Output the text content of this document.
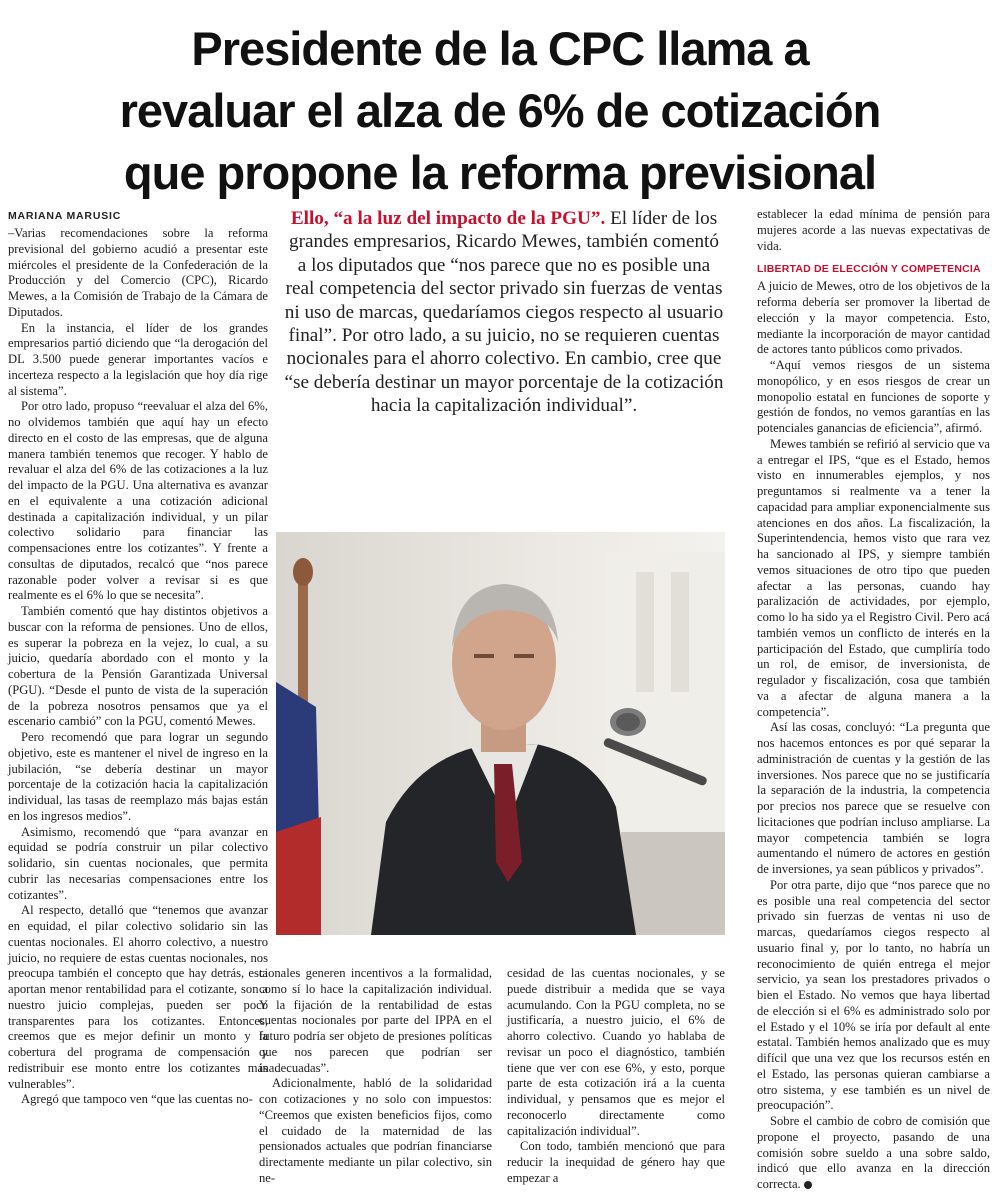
Presidente de la CPC llama a
revaluar el alza de 6% de cotización
que propone la reforma previsional
MARIANA MARUSIC

–Varias recomendaciones sobre la reforma previsional del gobierno acudió a presentar este miércoles el presidente de la Confederación de la Producción y del Comercio (CPC), Ricardo Mewes, a la Comisión de Trabajo de la Cámara de Diputados.

En la instancia, el líder de los grandes empresarios partió diciendo que “la derogación del DL 3.500 puede generar importantes vacíos e incerteza respecto a la legislación que hoy día rige al sistema”.

Por otro lado, propuso “reevaluar el alza del 6%, no olvidemos también que aquí hay un efecto directo en el costo de las empresas, que de alguna manera también tenemos que recoger. Y hablo de revaluar el alza del 6% de las cotizaciones a la luz del impacto de la PGU. Una alternativa es avanzar en el equivalente a una cotización adicional destinada a capitalización individual, y un pilar colectivo solidario para financiar las compensaciones entre los cotizantes”. Y frente a consultas de diputados, recalcó que “nos parece razonable poder volver a revisar si es que realmente es el 6% lo que se necesita”.

También comentó que hay distintos objetivos a buscar con la reforma de pensiones. Uno de ellos, es superar la pobreza en la vejez, lo cual, a su juicio, quedaría abordado con el monto y la cobertura de la Pensión Garantizada Universal (PGU). “Desde el punto de vista de la superación de la pobreza nosotros pensamos que ya el escenario cambió” con la PGU, comentó Mewes.

Pero recomendó que para lograr un segundo objetivo, este es mantener el nivel de ingreso en la jubilación, “se debería destinar un mayor porcentaje de la cotización hacia la capitalización individual, las tasas de reemplazo más bajas están en los ingresos medios”.

Asimismo, recomendó que “para avanzar en equidad se podría construir un pilar colectivo solidario, sin cuentas nocionales, que permita cubrir las necesarias compensaciones entre los cotizantes”.

Al respecto, detalló que “tenemos que avanzar en equidad, el pilar colectivo solidario sin las cuentas nocionales. El ahorro colectivo, a nuestro juicio, no requiere de estas cuentas nocionales, nos preocupa también el concepto que hay detrás, esta aportan menor rentabilidad para el cotizante, son a nuestro juicio complejas, pueden ser poco transparentes para los cotizantes. Entonces, creemos que es mejor definir un monto y la cobertura del programa de compensación y redistribuir ese monto entre los cotizantes más vulnerables”.

Agregó que tampoco ven “que las cuentas no-

Ello, “a la luz del impacto de la PGU”. El líder de los grandes empresarios, Ricardo Mewes, también comentó a los diputados que “nos parece que no es posible una real competencia del sector privado sin fuerzas de ventas ni uso de marcas, quedaríamos ciegos respecto al usuario final”. Por otro lado, a su juicio, no se requieren cuentas nocionales para el ahorro colectivo. En cambio, cree que “se debería destinar un mayor porcentaje de la cotización hacia la capitalización individual”.

cionales generen incentivos a la formalidad, como sí lo hace la capitalización individual. Y la fijación de la rentabilidad de estas cuentas nocionales por parte del IPPA en el futuro podría ser objeto de presiones políticas que nos parecen que podrían ser inadecuadas”.

Adicionalmente, habló de la solidaridad con cotizaciones y no solo con impuestos: “Creemos que existen beneficios fijos, como el cuidado de la maternidad de las pensionados actuales que podrían financiarse directamente mediante un pilar colectivo, sin ne-

cesidad de las cuentas nocionales, y se puede distribuir a medida que se vaya acumulando. Con la PGU completa, no se justificaría, a nuestro juicio, el 6% de ahorro colectivo. Cuando yo hablaba de revisar un poco el diagnóstico, también tiene que ver con ese 6%, y esto, porque parte de esta cotización irá a la cuenta individual, y pensamos que es mejor el reconocerlo directamente como capitalización individual”.

Con todo, también mencionó que para reducir la inequidad de género hay que empezar a

establecer la edad mínima de pensión para mujeres acorde a las nuevas expectativas de vida.

LIBERTAD DE ELECCIÓN Y COMPETENCIA

A juicio de Mewes, otro de los objetivos de la reforma debería ser promover la libertad de elección y la mayor competencia. Esto, mediante la incorporación de mayor cantidad de actores tanto públicos como privados.

“Aquí vemos riesgos de un sistema monopólico, y en esos riesgos de crear un monopolio estatal en funciones de soporte y gestión de fondos, no vemos garantías en las potenciales ganancias de eficiencia”, afirmó.

Mewes también se refirió al servicio que va a entregar el IPS, “que es el Estado, hemos visto en innumerables ejemplos, y nos preguntamos si realmente va a tener la capacidad para ampliar exponencialmente sus atenciones en dos años. La fiscalización, la Superintendencia, hemos visto que rara vez ha sancionado al IPS, y siempre también vemos situaciones de otro tipo que pueden afectar a las personas, cuando hay paralización de actividades, por ejemplo, como lo ha sido ya el Registro Civil. Pero acá también vemos un conflicto de interés en la participación del Estado, que cumpliría todo un rol, de emisor, de inversionista, de regulador y fiscalización, cosa que también va a afectar de alguna manera a la competencia”.

Así las cosas, concluyó: “La pregunta que nos hacemos entonces es por qué separar la administración de cuentas y la gestión de las inversiones. Nos parece que no se justificaría la separación de la industria, la competencia por precios nos parece que se resuelve con licitaciones que podrían incluso ampliarse. La mayor competencia también se logra aumentando el número de actores en gestión de inversiones, ya sean públicos y privados”.

Por otra parte, dijo que “nos parece que no es posible una real competencia del sector privado sin fuerzas de ventas ni uso de marcas, quedaríamos ciegos respecto al usuario final y, por lo tanto, no habría un reconocimiento de quién entrega el mejor servicio, ya sean los prestadores privados o bien el Estado. No vemos que haya libertad de elección si el 6% es administrado solo por el Estado y el 10% se iría por default al ente estatal. También hemos analizado que es muy difícil que una vez que los recursos estén en el Estado, las personas quieran cambiarse a otro sistema, y ese también es un nivel de preocupación”.

Sobre el cambio de cobro de comisión que propone el proyecto, pasando de una comisión sobre sueldo a una sobre saldo, indicó que ello avanza en la dirección correcta.
